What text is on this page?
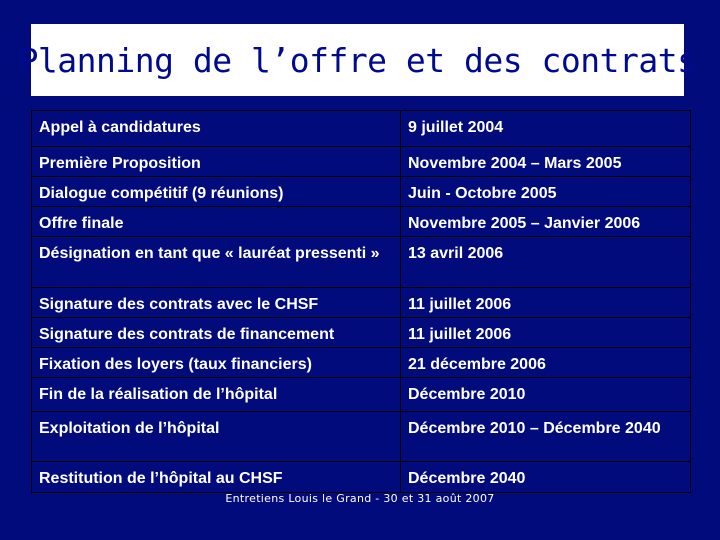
Planning de l’offre et des contrats
Appel à candidatures	9 juillet 2004
Première Proposition	Novembre 2004 – Mars 2005
Dialogue compétitif (9 réunions)	Juin - Octobre 2005
Offre finale	Novembre 2005 – Janvier 2006
Désignation en tant que « lauréat pressenti »	13 avril 2006
Signature des contrats avec le CHSF	11 juillet 2006
Signature des contrats de financement	11 juillet 2006
Fixation des loyers (taux financiers)	21 décembre 2006
Fin de la réalisation de l’hôpital	Décembre 2010
Exploitation de l’hôpital	Décembre 2010 – Décembre 2040
Restitution de l’hôpital au CHSF	Décembre 2040
Entretiens Louis le Grand - 30 et 31 août 2007
